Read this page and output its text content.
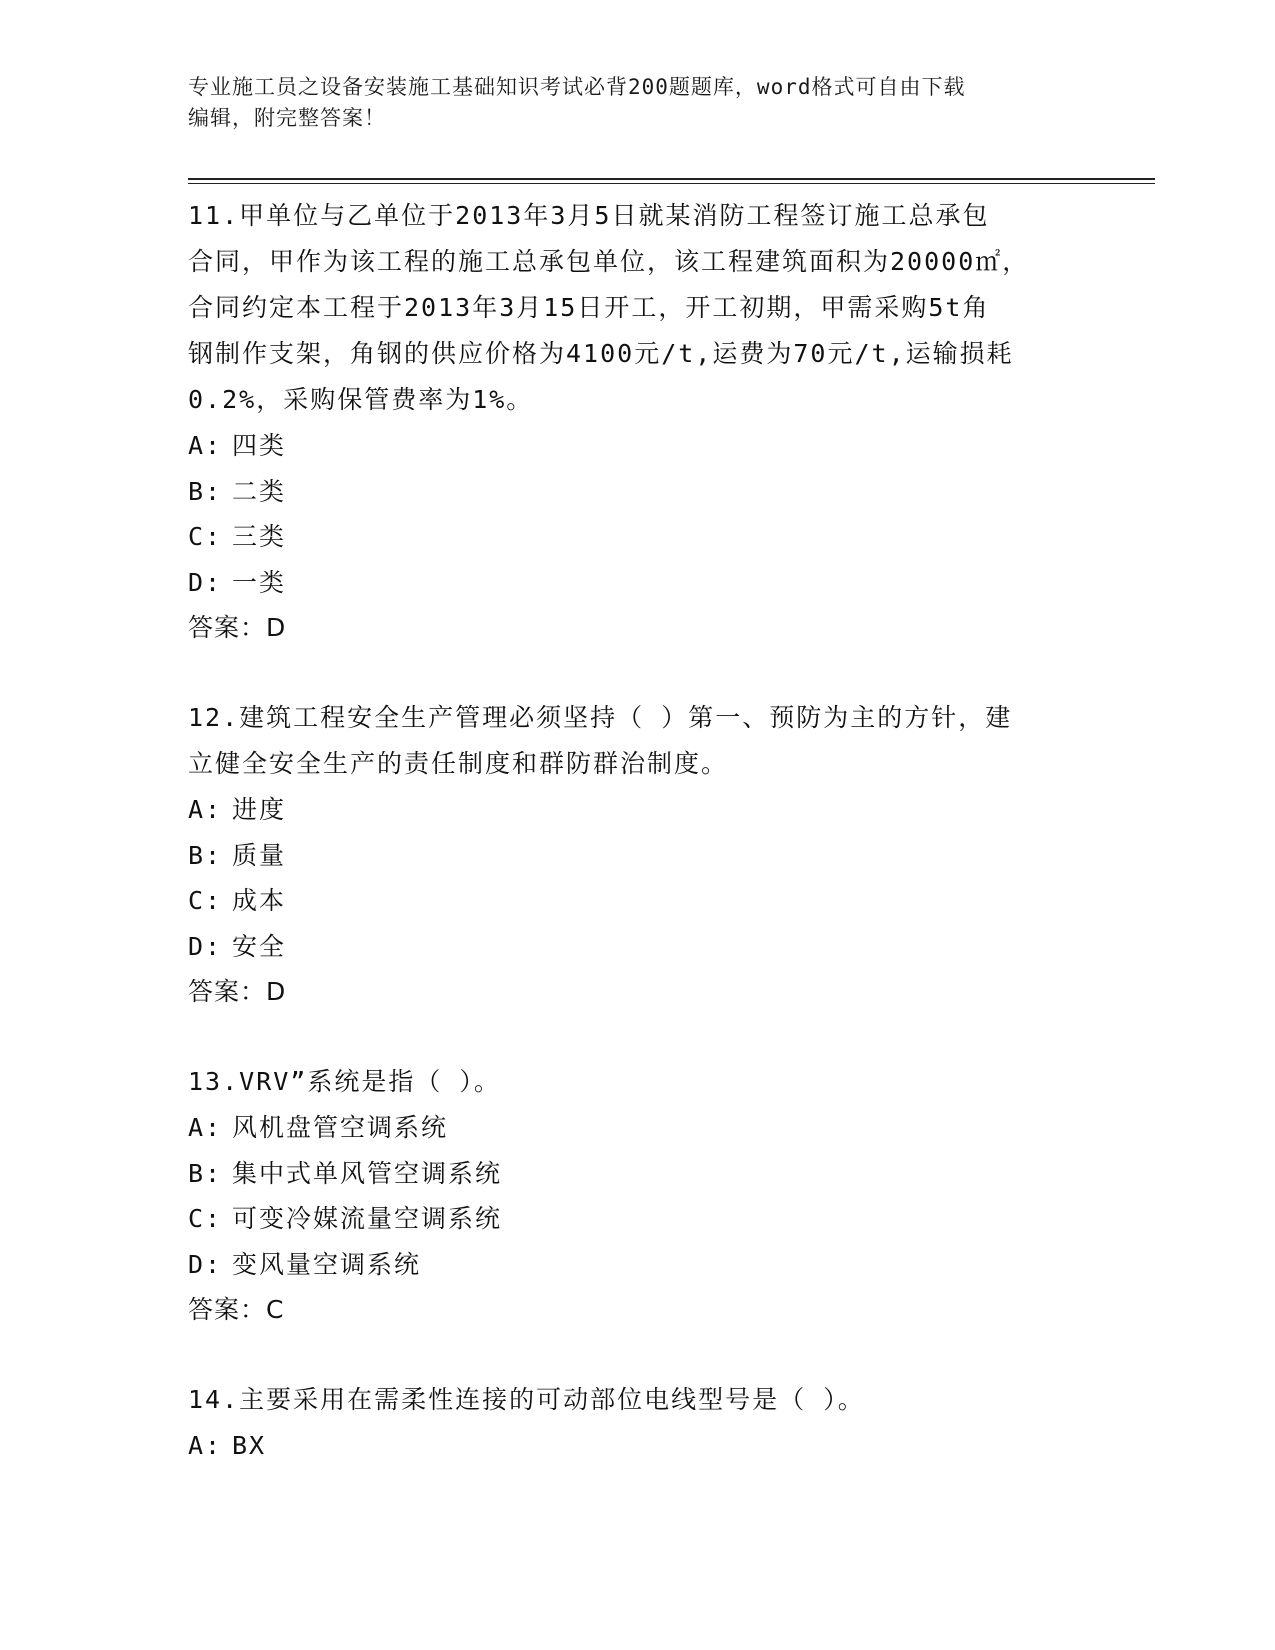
专业施工员之设备安装施工基础知识考试必背200题题库，word格式可自由下载
编辑，附完整答案！

11.甲单位与乙单位于2013年3月5日就某消防工程签订施工总承包
合同，甲作为该工程的施工总承包单位，该工程建筑面积为20000㎡，
合同约定本工程于2013年3月15日开工，开工初期，甲需采购5t角
钢制作支架，角钢的供应价格为4100元/t,运费为70元/t,运输损耗
0.2%，采购保管费率为1%。

A: 四类
B: 二类
C: 三类
D: 一类
答案：D

12.建筑工程安全生产管理必须坚持（ ）第一、预防为主的方针，建
立健全安全生产的责任制度和群防群治制度。

A: 进度
B: 质量
C: 成本
D: 安全
答案：D

13.VRV”系统是指（ ）。

A: 风机盘管空调系统
B: 集中式单风管空调系统
C: 可变冷媒流量空调系统
D: 变风量空调系统
答案：C

14.主要采用在需柔性连接的可动部位电线型号是（ ）。

A: BX
